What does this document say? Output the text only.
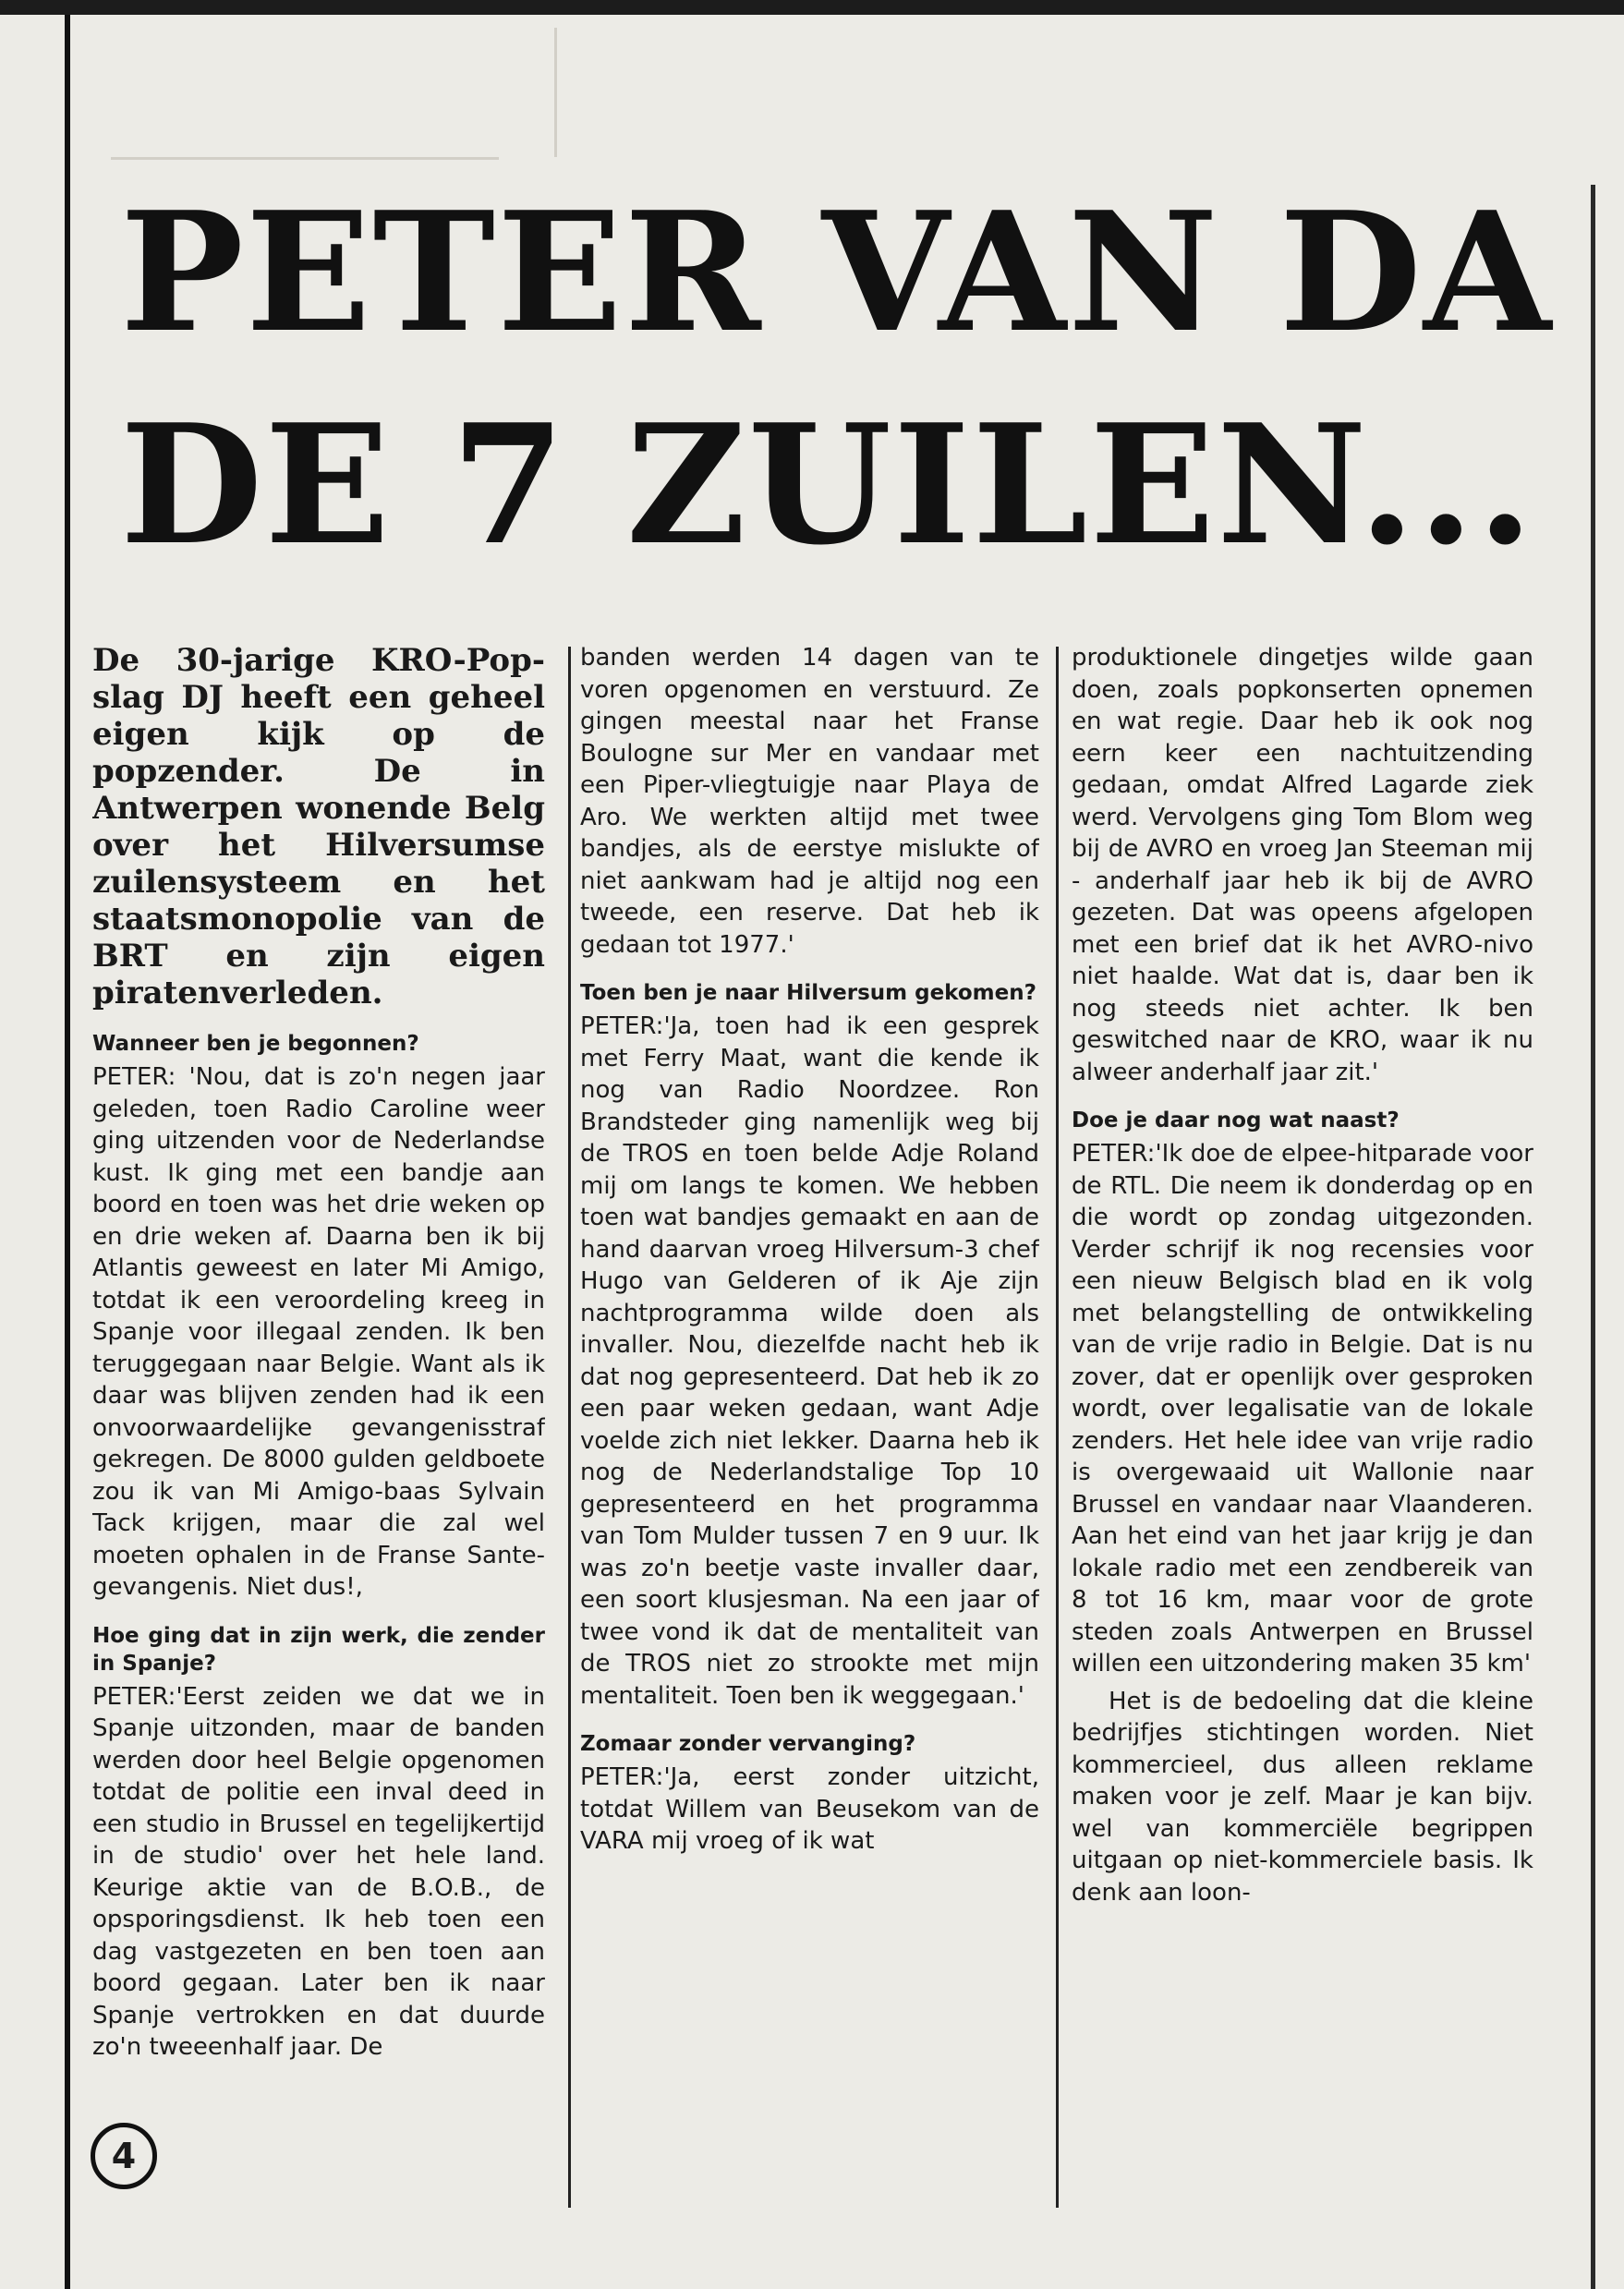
PETER VAN DA
DE 7 ZUILEN...

De 30-jarige KRO-Pop-slag DJ heeft een geheel eigen kijk op de popzender. De in Antwerpen wonende Belg over het Hilversumse zuilensysteem en het staatsmonopolie van de BRT en zijn eigen piratenverleden.

Wanneer ben je begonnen?

PETER: 'Nou, dat is zo'n negen jaar geleden, toen Radio Caroline weer ging uitzenden voor de Nederlandse kust. Ik ging met een bandje aan boord en toen was het drie weken op en drie weken af. Daarna ben ik bij Atlantis geweest en later Mi Amigo, totdat ik een veroordeling kreeg in Spanje voor illegaal zenden. Ik ben teruggegaan naar Belgie. Want als ik daar was blijven zenden had ik een onvoorwaardelijke gevangenisstraf gekregen. De 8000 gulden geldboete zou ik van Mi Amigo-baas Sylvain Tack krijgen, maar die zal wel moeten ophalen in de Franse Sante-gevangenis. Niet dus!,

Hoe ging dat in zijn werk, die zender in Spanje?

PETER:'Eerst zeiden we dat we in Spanje uitzonden, maar de banden werden door heel Belgie opgenomen totdat de politie een inval deed in een studio in Brussel en tegelijkertijd in de studio' over het hele land. Keurige aktie van de B.O.B., de opsporingsdienst. Ik heb toen een dag vastgezeten en ben toen aan boord gegaan. Later ben ik naar Spanje vertrokken en dat duurde zo'n tweeenhalf jaar. De

banden werden 14 dagen van te voren opgenomen en verstuurd. Ze gingen meestal naar het Franse Boulogne sur Mer en vandaar met een Piper-vliegtuigje naar Playa de Aro. We werkten altijd met twee bandjes, als de eerstye mislukte of niet aankwam had je altijd nog een tweede, een reserve. Dat heb ik gedaan tot 1977.'

Toen ben je naar Hilversum gekomen?

PETER:'Ja, toen had ik een gesprek met Ferry Maat, want die kende ik nog van Radio Noordzee. Ron Brandsteder ging namenlijk weg bij de TROS en toen belde Adje Roland mij om langs te komen. We hebben toen wat bandjes gemaakt en aan de hand daarvan vroeg Hilversum-3 chef Hugo van Gelderen of ik Aje zijn nachtprogramma wilde doen als invaller. Nou, diezelfde nacht heb ik dat nog gepresenteerd. Dat heb ik zo een paar weken gedaan, want Adje voelde zich niet lekker. Daarna heb ik nog de Nederlandstalige Top 10 gepresenteerd en het programma van Tom Mulder tussen 7 en 9 uur. Ik was zo'n beetje vaste invaller daar, een soort klusjesman. Na een jaar of twee vond ik dat de mentaliteit van de TROS niet zo strookte met mijn mentaliteit. Toen ben ik weggegaan.'

Zomaar zonder vervanging?

PETER:'Ja, eerst zonder uitzicht, totdat Willem van Beusekom van de VARA mij vroeg of ik wat

produktionele dingetjes wilde gaan doen, zoals popkonserten opnemen en wat regie. Daar heb ik ook nog eern keer een nachtuitzending gedaan, omdat Alfred Lagarde ziek werd. Vervolgens ging Tom Blom weg bij de AVRO en vroeg Jan Steeman mij - anderhalf jaar heb ik bij de AVRO gezeten. Dat was opeens afgelopen met een brief dat ik het AVRO-nivo niet haalde. Wat dat is, daar ben ik nog steeds niet achter. Ik ben geswitched naar de KRO, waar ik nu alweer anderhalf jaar zit.'

Doe je daar nog wat naast?

PETER:'Ik doe de elpee-hitparade voor de RTL. Die neem ik donderdag op en die wordt op zondag uitgezonden. Verder schrijf ik nog recensies voor een nieuw Belgisch blad en ik volg met belangstelling de ontwikkeling van de vrije radio in Belgie. Dat is nu zover, dat er openlijk over gesproken wordt, over legalisatie van de lokale zenders. Het hele idee van vrije radio is overgewaaid uit Wallonie naar Brussel en vandaar naar Vlaanderen. Aan het eind van het jaar krijg je dan lokale radio met een zendbereik van 8 tot 16 km, maar voor de grote steden zoals Antwerpen en Brussel willen een uitzondering maken 35 km'

Het is de bedoeling dat die kleine bedrijfjes stichtingen worden. Niet kommercieel, dus alleen reklame maken voor je zelf. Maar je kan bijv. wel van kommerciële begrippen uitgaan op niet-kommerciele basis. Ik denk aan loon-

4
